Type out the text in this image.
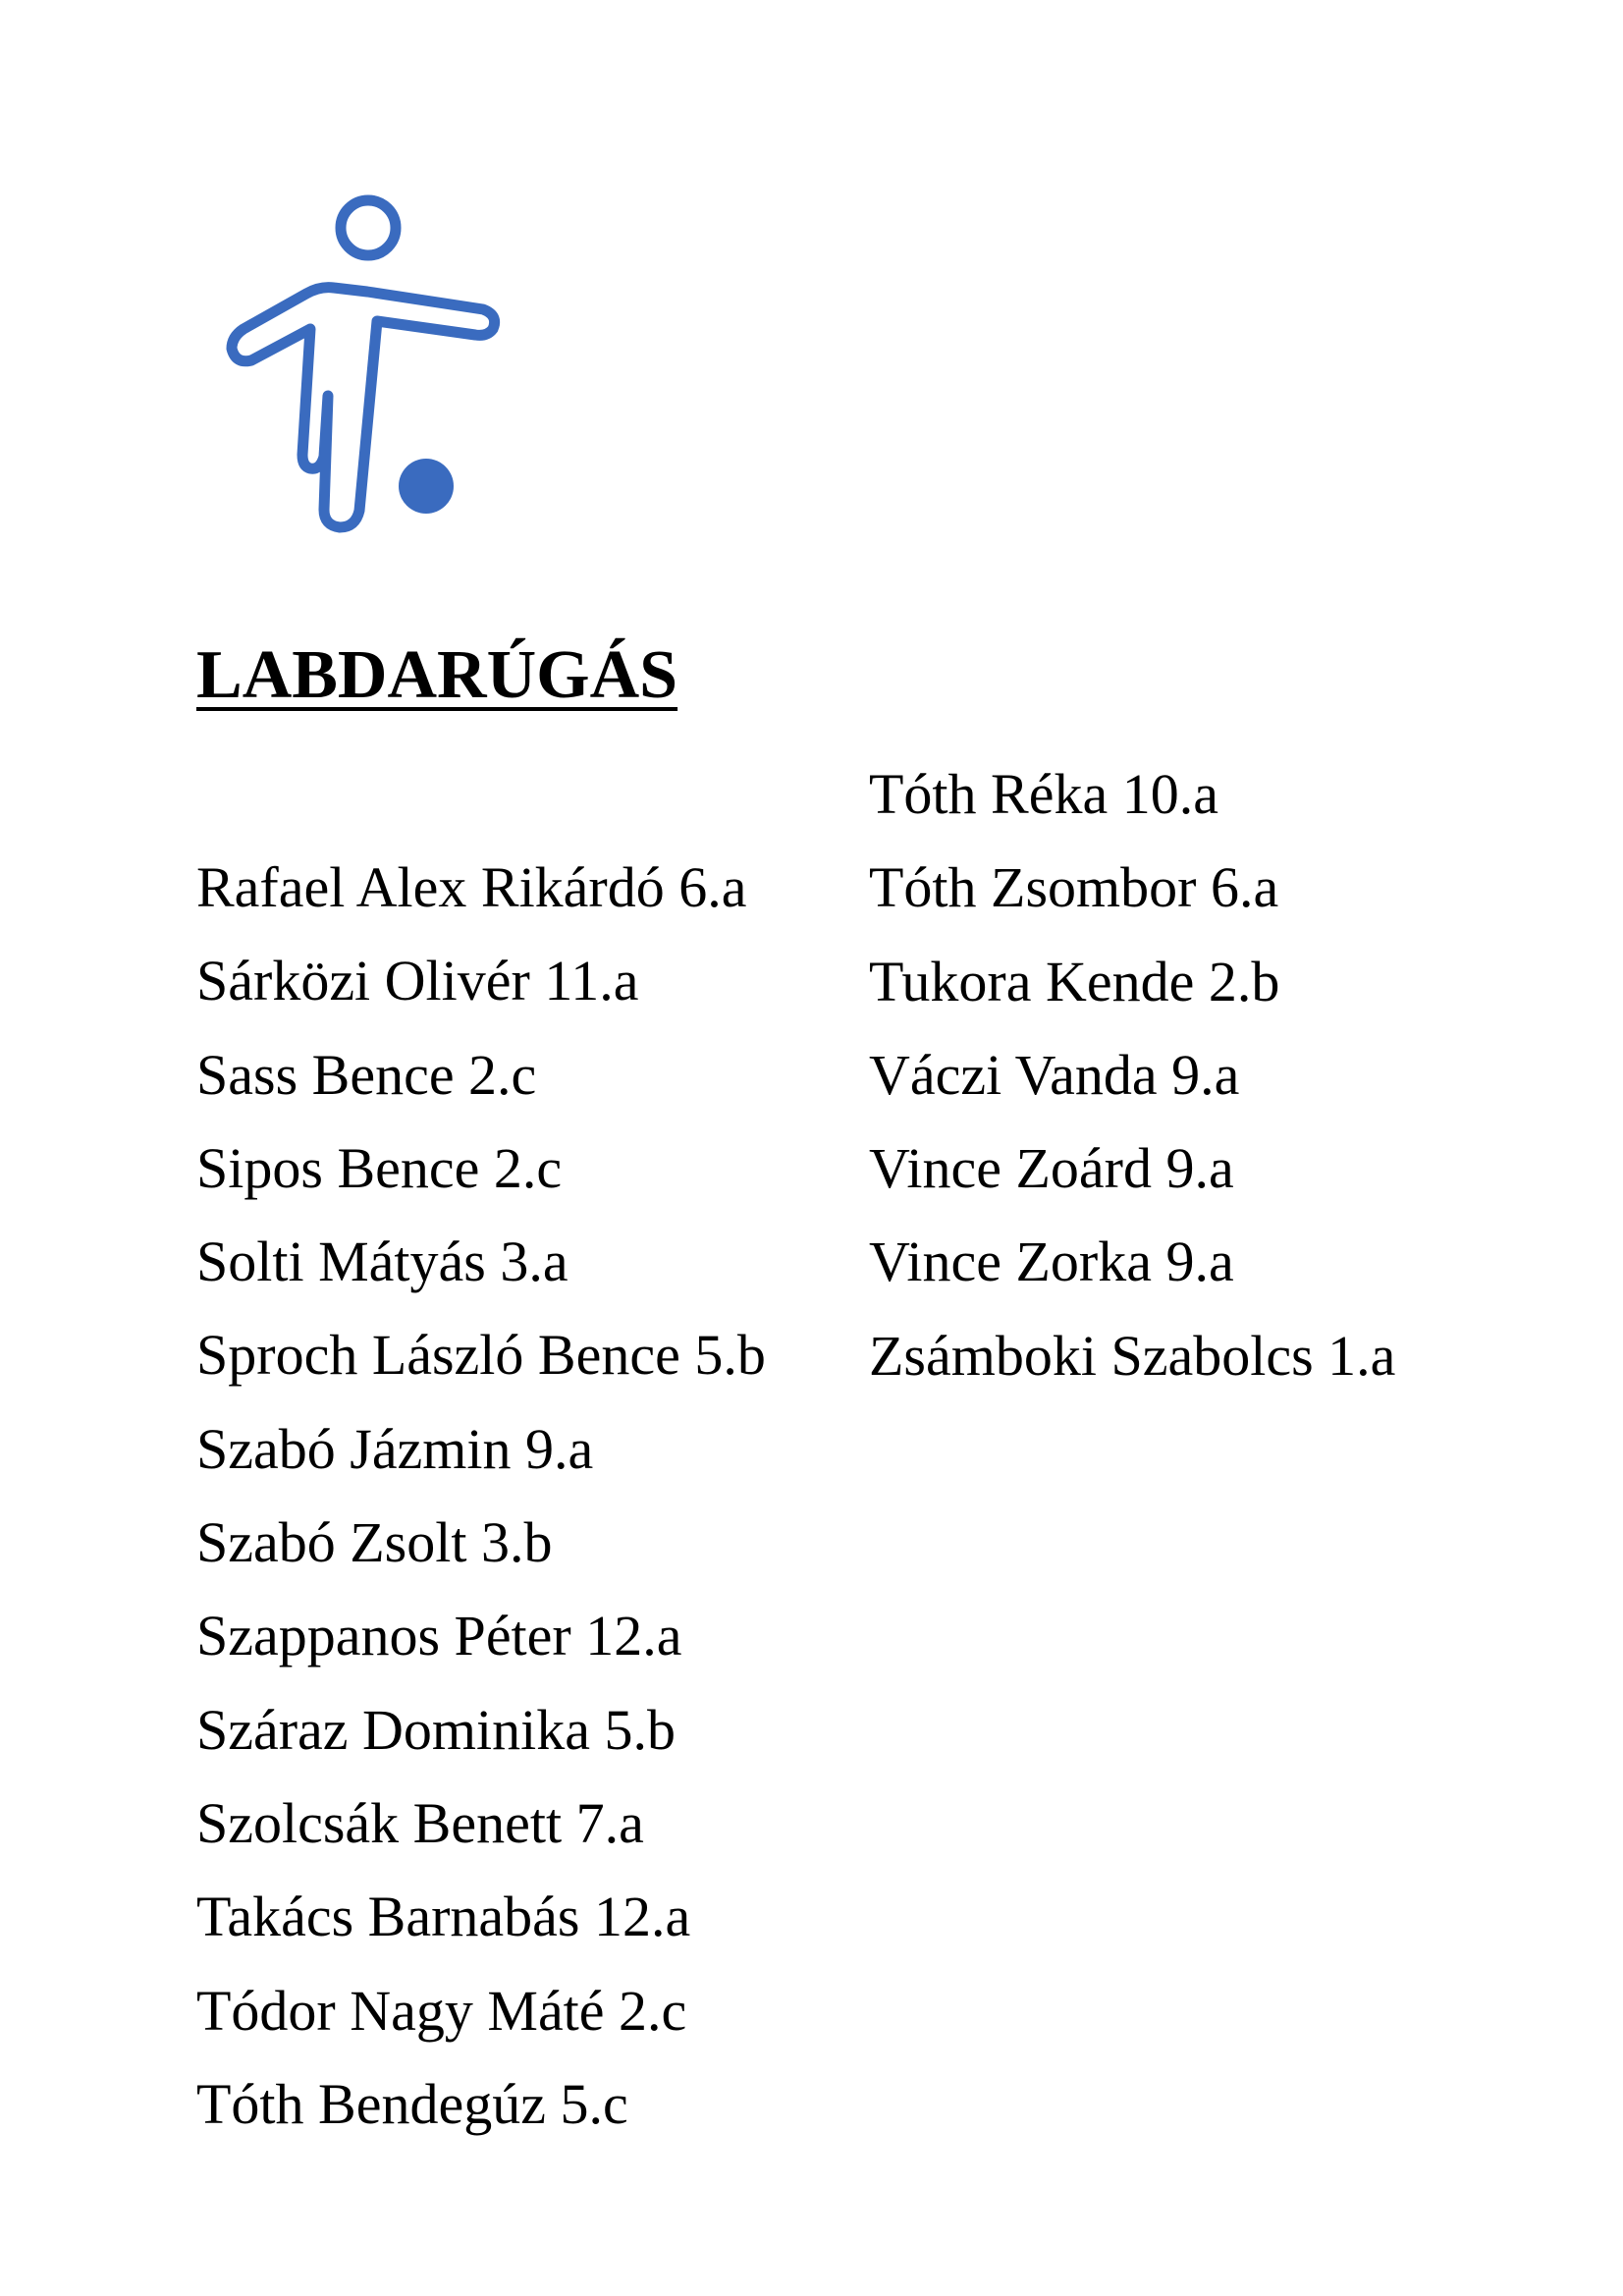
LABDARÚGÁS
Rafael Alex Rikárdó 6.a
Sárközi Olivér 11.a
Sass Bence 2.c
Sipos Bence 2.c
Solti Mátyás 3.a
Sproch László Bence 5.b
Szabó Jázmin 9.a
Szabó Zsolt 3.b
Szappanos Péter 12.a
Száraz Dominika 5.b
Szolcsák Benett 7.a
Takács Barnabás 12.a
Tódor Nagy Máté 2.c
Tóth Bendegúz 5.c
Tóth Réka 10.a
Tóth Zsombor 6.a
Tukora Kende 2.b
Váczi Vanda 9.a
Vince Zoárd 9.a
Vince Zorka 9.a
Zsámboki Szabolcs 1.a
